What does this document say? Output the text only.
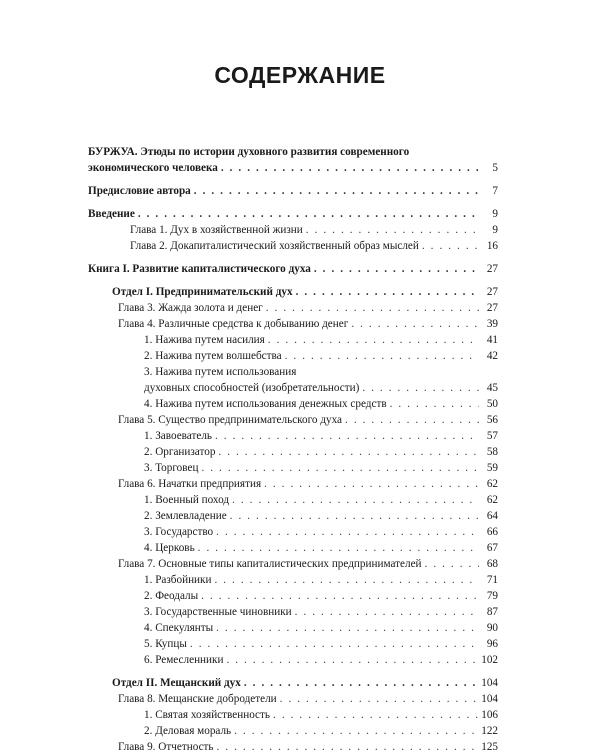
СОДЕРЖАНИЕ
БУРЖУА. Этюды по истории духовного развития современного
экономического человека . . .	5
Предисловие автора . . .	7
Введение . . .	9
Глава 1. Дух в хозяйственной жизни . . .	9
Глава 2. Докапиталистический хозяйственный образ мыслей . . .	16
Книга I. Развитие капиталистического духа . . .	27
Отдел I. Предпринимательский дух . . .	27
Глава 3. Жажда золота и денег . . .	27
Глава 4. Различные средства к добыванию денег . . .	39
1. Нажива путем насилия . . .	41
2. Нажива путем волшебства . . .	42
3. Нажива путем использования
духовных способностей (изобретательности) . . .	45
4. Нажива путем использования денежных средств . . .	50
Глава 5. Существо предпринимательского духа . . .	56
1. Завоеватель . . .	57
2. Организатор . . .	58
3. Торговец . . .	59
Глава 6. Начатки предприятия . . .	62
1. Военный поход . . .	62
2. Землевладение . . .	64
3. Государство . . .	66
4. Церковь . . .	67
Глава 7. Основные типы капиталистических предпринимателей . . .	68
1. Разбойники . . .	71
2. Феодалы . . .	79
3. Государственные чиновники . . .	87
4. Спекулянты . . .	90
5. Купцы . . .	96
6. Ремесленники . . .	102
Отдел II. Мещанский дух . . .	104
Глава 8. Мещанские добродетели . . .	104
1. Святая хозяйственность . . .	106
2. Деловая мораль . . .	122
Глава 9. Отчетность . . .	125
